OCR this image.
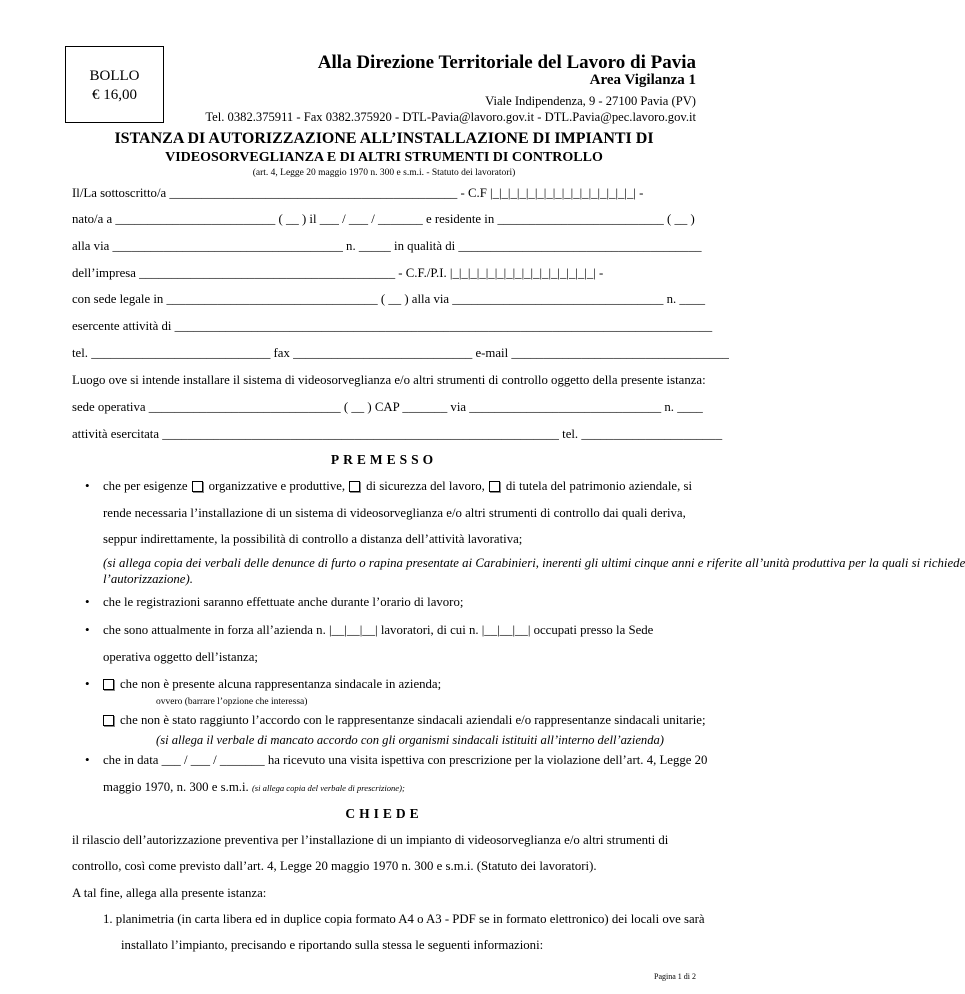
BOLLO
€ 16,00
Alla Direzione Territoriale del Lavoro di Pavia
Area Vigilanza 1
Viale Indipendenza, 9 - 27100 Pavia (PV)
Tel. 0382.375911 - Fax 0382.375920 - DTL-Pavia@lavoro.gov.it - DTL.Pavia@pec.lavoro.gov.it
ISTANZA DI AUTORIZZAZIONE ALL’INSTALLAZIONE DI IMPIANTI DI
VIDEOSORVEGLIANZA E DI ALTRI STRUMENTI DI CONTROLLO
(art. 4, Legge 20 maggio 1970 n. 300 e s.m.i. - Statuto dei lavoratori)
Il/La sottoscritto/a _____________________________________________ - C.F |_|_|_|_|_|_|_|_|_|_|_|_|_|_|_|_| -
nato/a a _________________________ ( __ ) il ___ / ___ / _______ e residente in __________________________ ( __ )
alla via ____________________________________ n. _____ in qualità di ______________________________________
dell’impresa ________________________________________ - C.F./P.I. |_|_|_|_|_|_|_|_|_|_|_|_|_|_|_|_| -
con sede legale in _________________________________ ( __ ) alla via _________________________________ n. ____
esercente attività di ____________________________________________________________________________________
tel. ____________________________ fax ____________________________ e-mail __________________________________
Luogo ove si intende installare il sistema di videosorveglianza e/o altri strumenti di controllo oggetto della presente istanza:
sede operativa ______________________________ ( __ ) CAP _______ via ______________________________ n. ____
attività esercitata ______________________________________________________________ tel. ______________________
PREMESSO
• che per esigenze organizzative e produttive, di sicurezza del lavoro, di tutela del patrimonio aziendale, si
rende necessaria l’installazione di un sistema di videosorveglianza e/o altri strumenti di controllo dai quali deriva,
seppur indirettamente, la possibilità di controllo a distanza dell’attività lavorativa;
(si allega copia dei verbali delle denunce di furto o rapina presentate ai Carabinieri, inerenti gli ultimi cinque anni e riferite all’unità produttiva per la quali si richiede
l’autorizzazione).
• che le registrazioni saranno effettuate anche durante l’orario di lavoro;
• che sono attualmente in forza all’azienda n. |__|__|__| lavoratori, di cui n. |__|__|__| occupati presso la Sede
operativa oggetto dell’istanza;
•	che non è presente alcuna rappresentanza sindacale in azienda;
ovvero (barrare l’opzione che interessa)
che non è stato raggiunto l’accordo con le rappresentanze sindacali aziendali e/o rappresentanze sindacali unitarie;
(si allega il verbale di mancato accordo con gli organismi sindacali istituiti all’interno dell’azienda)
• che in data ___ / ___ / _______ ha ricevuto una visita ispettiva con prescrizione per la violazione dell’art. 4, Legge 20
maggio 1970, n. 300 e s.m.i. (si allega copia del verbale di prescrizione);
CHIEDE
il rilascio dell’autorizzazione preventiva per l’installazione di un impianto di videosorveglianza e/o altri strumenti di
controllo, così come previsto dall’art. 4, Legge 20 maggio 1970 n. 300 e s.m.i. (Statuto dei lavoratori).
A tal fine, allega alla presente istanza:
1. planimetria (in carta libera ed in duplice copia formato A4 o A3 - PDF se in formato elettronico) dei locali ove sarà
installato l’impianto, precisando e riportando sulla stessa le seguenti informazioni:
Pagina 1 di 2
